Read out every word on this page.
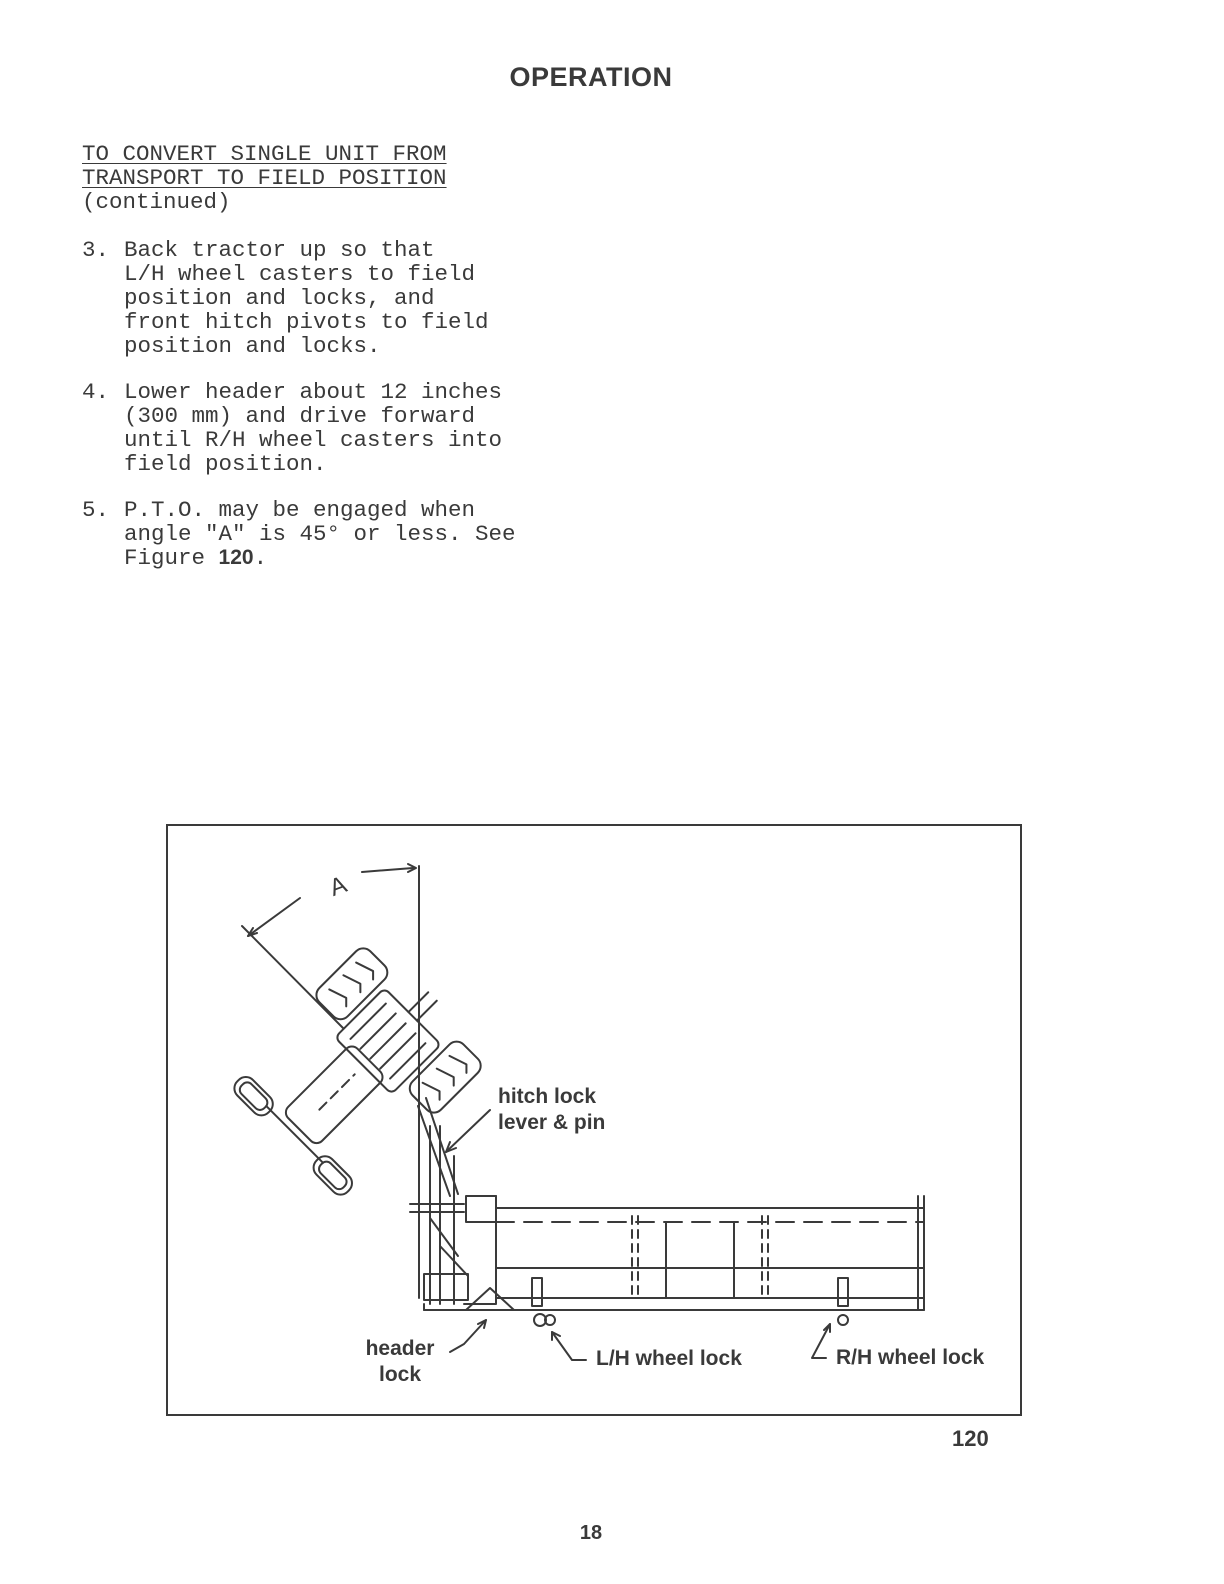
OPERATION
TO CONVERT SINGLE UNIT FROM
TRANSPORT TO FIELD POSITION
(continued)
3. Back tractor up so that
L/H wheel casters to field
position and locks, and
front hitch pivots to field
position and locks.
4. Lower header about 12 inches
(300 mm) and drive forward
until R/H wheel casters into
field position.
5. P.T.O. may be engaged when
angle "A" is 45° or less. See
Figure 120.
A
hitch lock
lever & pin
header
lock
L/H wheel lock	R/H wheel lock
120
18
